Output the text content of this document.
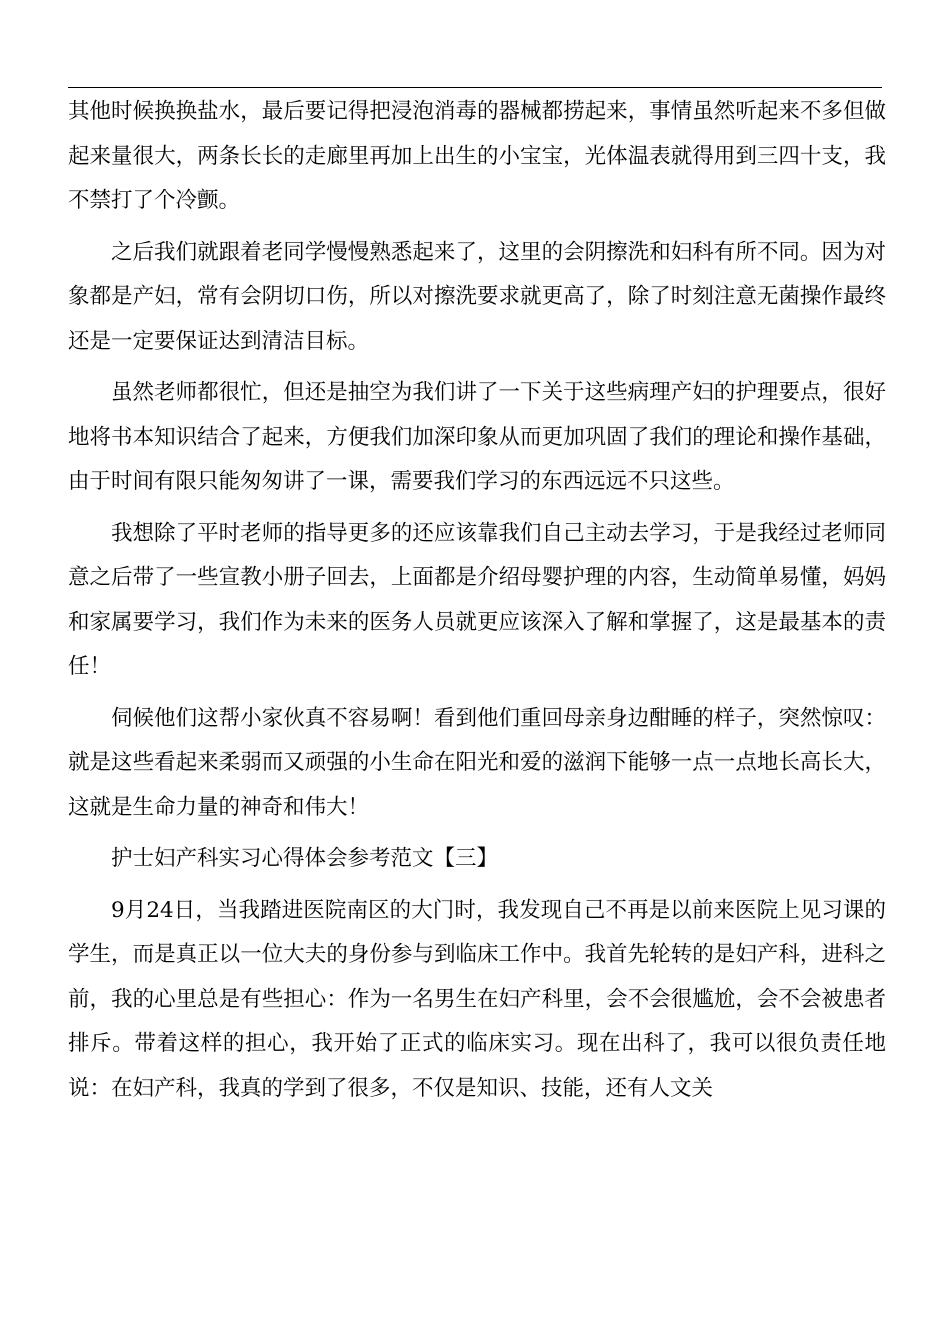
其他时候换换盐水，最后要记得把浸泡消毒的器械都捞起来，事情虽然听起来不多但做起来量很大，两条长长的走廊里再加上出生的小宝宝，光体温表就得用到三四十支，我不禁打了个冷颤。

之后我们就跟着老同学慢慢熟悉起来了，这里的会阴擦洗和妇科有所不同。因为对象都是产妇，常有会阴切口伤，所以对擦洗要求就更高了，除了时刻注意无菌操作最终还是一定要保证达到清洁目标。

虽然老师都很忙，但还是抽空为我们讲了一下关于这些病理产妇的护理要点，很好地将书本知识结合了起来，方便我们加深印象从而更加巩固了我们的理论和操作基础，由于时间有限只能匆匆讲了一课，需要我们学习的东西远远不只这些。

我想除了平时老师的指导更多的还应该靠我们自己主动去学习，于是我经过老师同意之后带了一些宣教小册子回去，上面都是介绍母婴护理的内容，生动简单易懂，妈妈和家属要学习，我们作为未来的医务人员就更应该深入了解和掌握了，这是最基本的责任！

伺候他们这帮小家伙真不容易啊！看到他们重回母亲身边酣睡的样子，突然惊叹：就是这些看起来柔弱而又顽强的小生命在阳光和爱的滋润下能够一点一点地长高长大，这就是生命力量的神奇和伟大！

护士妇产科实习心得体会参考范文【三】

9月24日，当我踏进医院南区的大门时，我发现自己不再是以前来医院上见习课的学生，而是真正以一位大夫的身份参与到临床工作中。我首先轮转的是妇产科，进科之前，我的心里总是有些担心：作为一名男生在妇产科里，会不会很尴尬，会不会被患者排斥。带着这样的担心，我开始了正式的临床实习。现在出科了，我可以很负责任地说：在妇产科，我真的学到了很多，不仅是知识、技能，还有人文关
